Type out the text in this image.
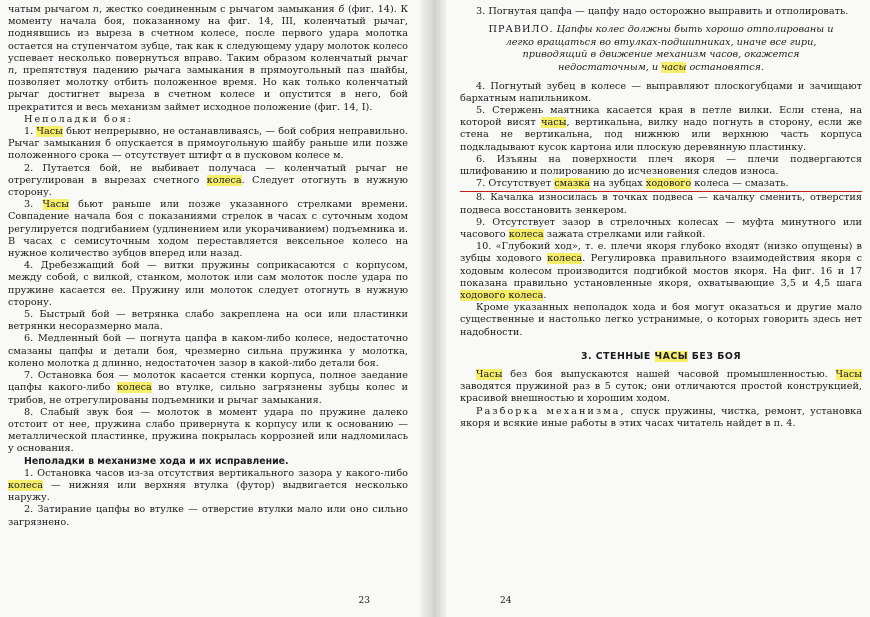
чатым рычагом n, жестко соединенным с рычагом замыкания б (фиг. 14). К моменту начала боя, показанному на фиг. 14, III, коленчатый рычаг, поднявшись из выреза в счетном колесе, после первого удара молотка остается на ступенчатом зубце, так как к следующему удару молоток колесо успевает несколько повернуться вправо. Таким образом коленчатый рычаг n, препятствуя падению рычага замыкания в прямоугольный паз шайбы, позволяет молотку отбить положенное время. Но как только коленчатый рычаг достигнет выреза в счетном колесе и опустится в него, бой прекратится и весь механизм займет исходное положение (фиг. 14, I).

Неполадки боя:

1. Часы бьют непрерывно, не останавливаясь, — бой собрия неправильно. Рычаг замыкания б опускается в прямоугольную шайбу раньше или позже положенного срока — отсутствует штифт α в пусковом колесе м.

2. Путается бой, не выбивает получаса — коленчатый рычаг не отрегулирован в вырезах счетного колеса. Следует отогнуть в нужную сторону.

3. Часы бьют раньше или позже указанного стрелками времени. Совпадение начала боя с показаниями стрелок в часах с суточным ходом регулируется подгибанием (удлинением или укорачиванием) подъемника и. В часах с семисуточным ходом переставляется вексельное колесо на нужное количество зубцов вперед или назад.

4. Дребезжащий бой — витки пружины соприкасаются с корпусом, между собой, с вилкой, станком, молоток или сам молоток после удара по пружине касается ее. Пружину или молоток следует отогнуть в нужную сторону.

5. Быстрый бой — ветрянка слабо закреплена на оси или пластинки ветрянки несоразмерно мала.

6. Медленный бой — погнута цапфа в каком-либо колесе, недостаточно смазаны цапфы и детали боя, чрезмерно сильна пружинка у молотка, колено молотка д длинно, недостаточен зазор в какой-либо детали боя.

7. Остановка боя — молоток касается стенки корпуса, полное заедание цапфы какого-либо колеса во втулке, сильно загрязнены зубцы колес и трибов, не отрегулированы подъемники и рычаг замыкания.

8. Слабый звук боя — молоток в момент удара по пружине далеко отстоит от нее, пружина слабо привернута к корпусу или к основанию — металлической пластинке, пружина покрылась коррозией или надломилась у основания.

Неполадки в механизме хода и их исправление.

1. Остановка часов из-за отсутствия вертикального зазора у какого-либо колеса — нижняя или верхняя втулка (футор) выдвигается несколько наружу.

2. Затирание цапфы во втулке — отверстие втулки мало или оно сильно загрязнено.

23

3. Погнутая цапфа — цапфу надо осторожно выправить и отполировать.

ПРАВИЛО. Цапфы колес должны быть хорошо отполированы и легко вращаться во втулках-подшипниках, иначе все гири, приводящий в движение механизм часов, окажется недостаточным, и часы остановятся.

4. Погнутый зубец в колесе — выправляют плоскогубцами и зачищают бархатным напильником.

5. Стержень маятника касается края в петле вилки. Если стена, на которой висят часы, вертикальна, вилку надо погнуть в сторону, если же стена не вертикальна, под нижнюю или верхнюю часть корпуса подкладывают кусок картона или плоскую деревянную пластинку.

6. Изъяны на поверхности плеч якоря — плечи подвергаются шлифованию и полированию до исчезновения следов износа.

7. Отсутствует смазка на зубцах ходового колеса — смазать.

8. Качалка износилась в точках подвеса — качалку сменить, отверстия подвеса восстановить зенкером.

9. Отсутствует зазор в стрелочных колесах — муфта минутного или часового колеса зажата стрелками или гайкой.

10. «Глубокий ход», т. е. плечи якоря глубоко входят (низко опущены) в зубцы ходового колеса. Регулировка правильного взаимодействия якоря с ходовым колесом производится подгибкой мостов якоря. На фиг. 16 и 17 показана правильно установленные якоря, охватывающие 3,5 и 4,5 шага ходового колеса.

Кроме указанных неполадок хода и боя могут оказаться и другие мало существенные и настолько легко устранимые, о которых говорить здесь нет надобности.

3. СТЕННЫЕ ЧАСЫ БЕЗ БОЯ

Часы без боя выпускаются нашей часовой промышленностью. Часы заводятся пружиной раз в 5 суток; они отличаются простой конструкцией, красивой внешностью и хорошим ходом.

Разборка механизма, спуск пружины, чистка, ремонт, установка якоря и всякие иные работы в этих часах читатель найдет в п. 4.

24
